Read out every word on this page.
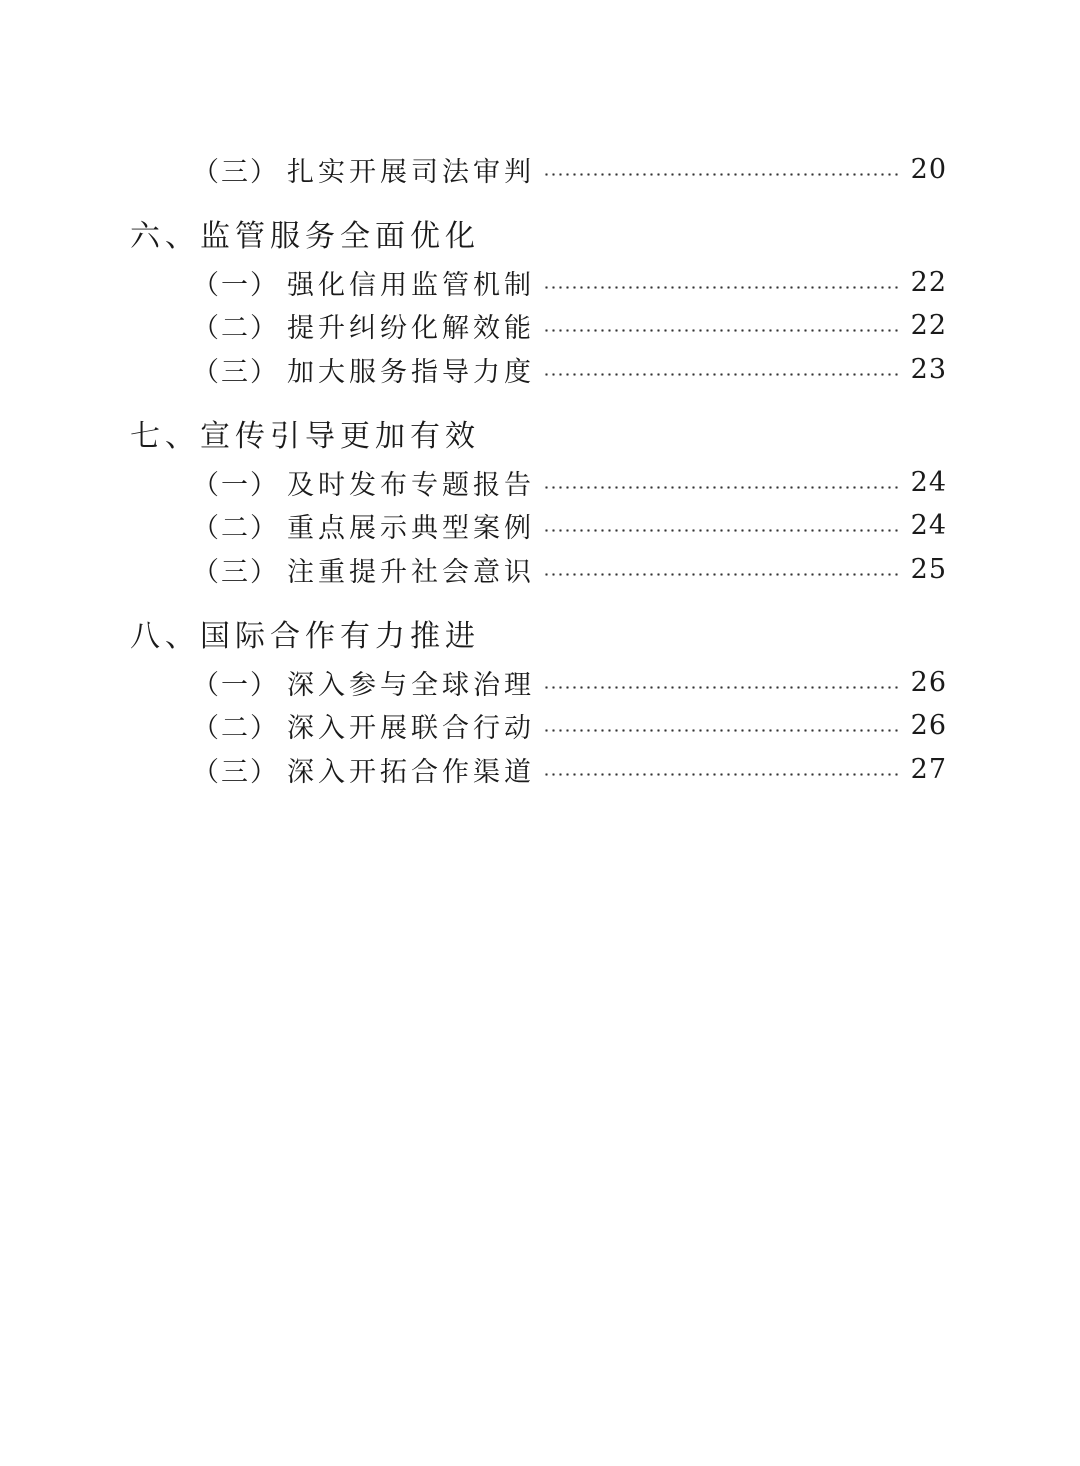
（三） 扎实开展司法审判	20
六、监管服务全面优化
（一） 强化信用监管机制	22
（二） 提升纠纷化解效能	22
（三） 加大服务指导力度	23
七、宣传引导更加有效
（一） 及时发布专题报告	24
（二） 重点展示典型案例	24
（三） 注重提升社会意识	25
八、国际合作有力推进
（一） 深入参与全球治理	26
（二） 深入开展联合行动	26
（三） 深入开拓合作渠道	27
